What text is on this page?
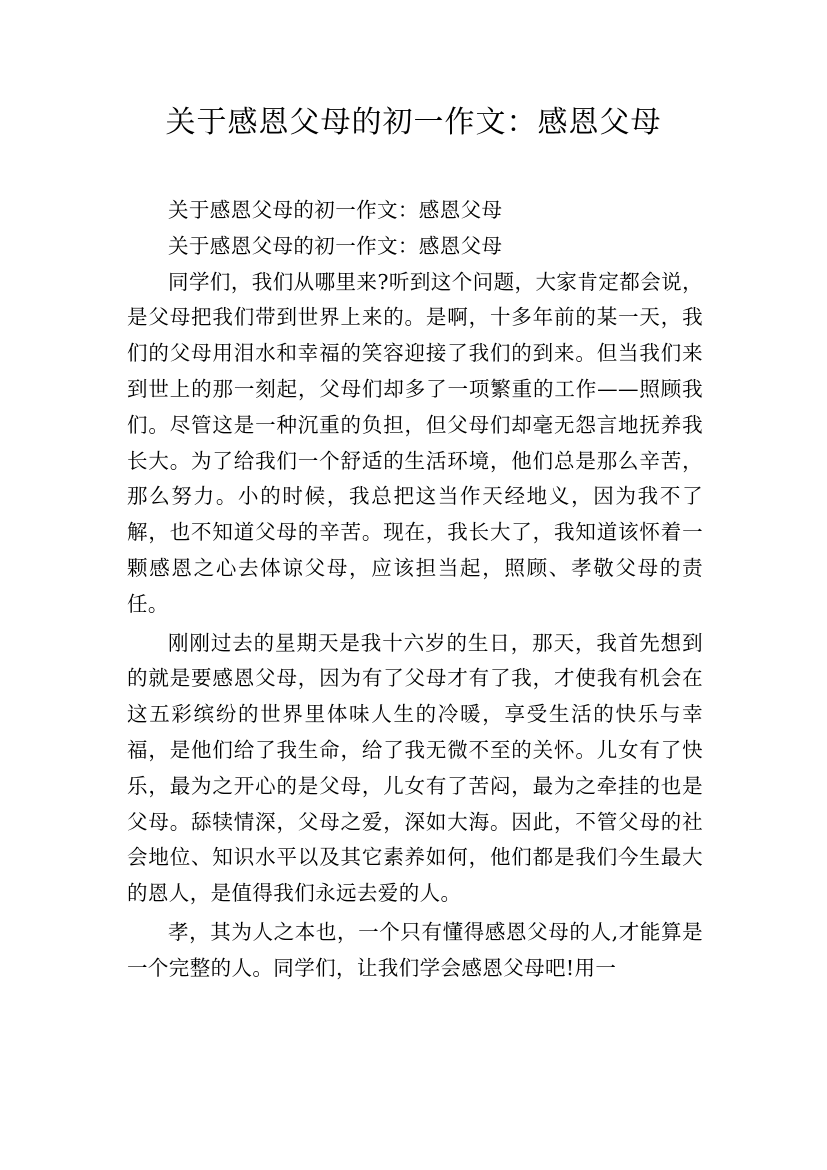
关于感恩父母的初一作文：感恩父母

关于感恩父母的初一作文：感恩父母

关于感恩父母的初一作文：感恩父母

同学们，我们从哪里来?听到这个问题，大家肯定都会说，是父母把我们带到世界上来的。是啊，十多年前的某一天，我们的父母用泪水和幸福的笑容迎接了我们的到来。但当我们来到世上的那一刻起，父母们却多了一项繁重的工作——照顾我们。尽管这是一种沉重的负担，但父母们却毫无怨言地抚养我长大。为了给我们一个舒适的生活环境，他们总是那么辛苦，那么努力。小的时候，我总把这当作天经地义，因为我不了解，也不知道父母的辛苦。现在，我长大了，我知道该怀着一颗感恩之心去体谅父母，应该担当起，照顾、孝敬父母的责任。

刚刚过去的星期天是我十六岁的生日，那天，我首先想到的就是要感恩父母，因为有了父母才有了我，才使我有机会在这五彩缤纷的世界里体味人生的冷暖，享受生活的快乐与幸福，是他们给了我生命，给了我无微不至的关怀。儿女有了快乐，最为之开心的是父母，儿女有了苦闷，最为之牵挂的也是父母。舔犊情深，父母之爱，深如大海。因此，不管父母的社会地位、知识水平以及其它素养如何，他们都是我们今生最大的恩人，是值得我们永远去爱的人。

孝，其为人之本也，一个只有懂得感恩父母的人,才能算是一个完整的人。同学们，让我们学会感恩父母吧!用一
